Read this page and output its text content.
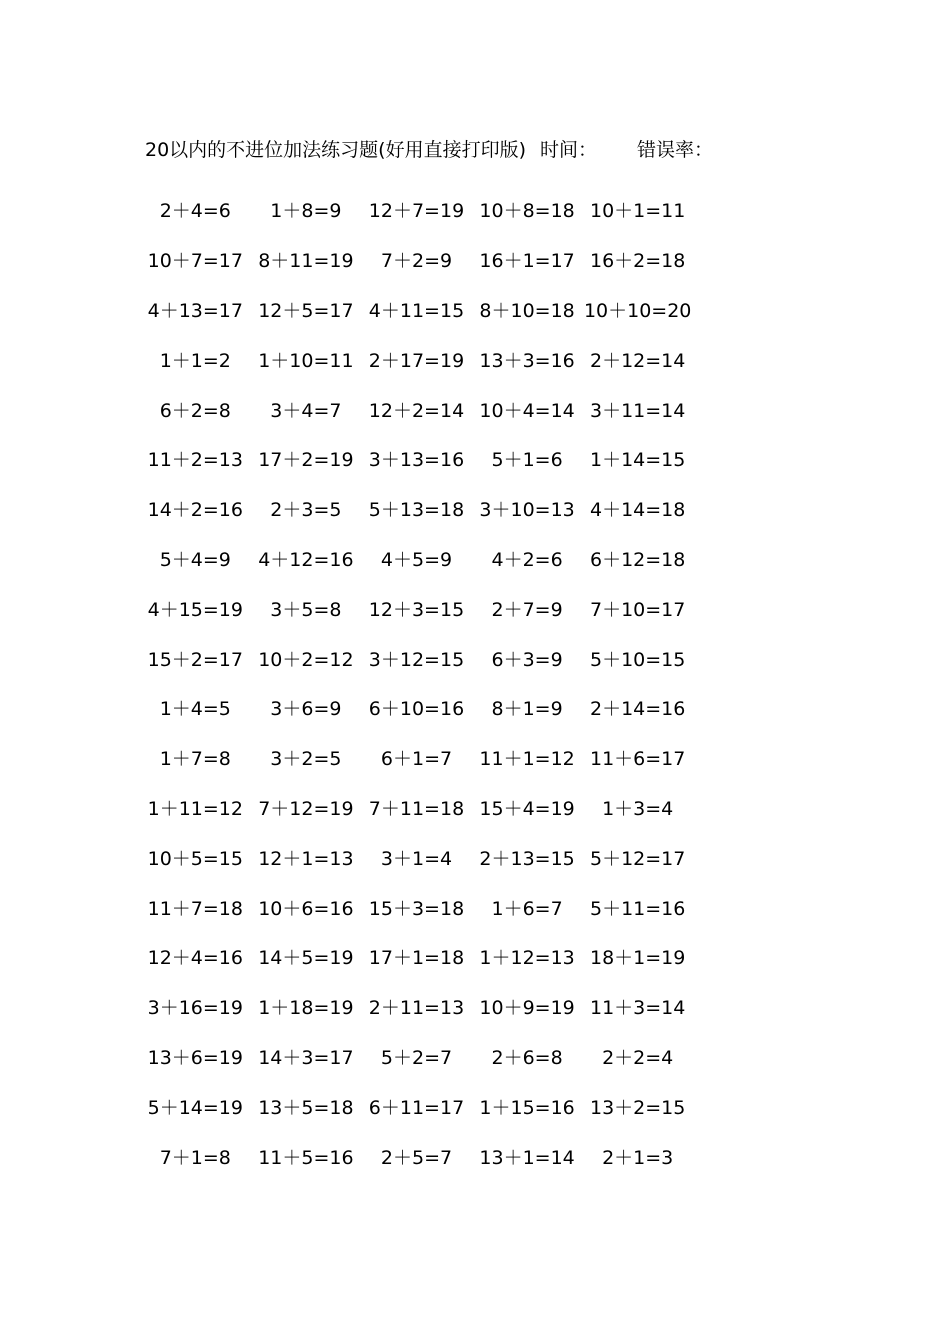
20以内的不进位加法练习题(好用直接打印版) 时间： 错误率：
2＋4=6	1＋8=9	12＋7=19 10＋8=18 10＋1=11
10＋7=17 8＋11=19	7＋2=9	16＋1=17 16＋2=18
4＋13=17 12＋5=17 4＋11=15 8＋10=18 10＋10=20
1＋1=2	1＋10=11 2＋17=19 13＋3=16 2＋12=14
6＋2=8	3＋4=7	12＋2=14 10＋4=14 3＋11=14
11＋2=13 17＋2=19 3＋13=16	5＋1=6	1＋14=15
14＋2=16	2＋3=5	5＋13=18 3＋10=13 4＋14=18
5＋4=9	4＋12=16	4＋5=9	4＋2=6	6＋12=18
4＋15=19	3＋5=8	12＋3=15	2＋7=9	7＋10=17
15＋2=17 10＋2=12 3＋12=15	6＋3=9	5＋10=15
1＋4=5	3＋6=9	6＋10=16	8＋1=9	2＋14=16
1＋7=8	3＋2=5	6＋1=7	11＋1=12 11＋6=17
1＋11=12 7＋12=19 7＋11=18 15＋4=19	1＋3=4
10＋5=15 12＋1=13	3＋1=4	2＋13=15 5＋12=17
11＋7=18 10＋6=16 15＋3=18	1＋6=7	5＋11=16
12＋4=16 14＋5=19 17＋1=18 1＋12=13 18＋1=19
3＋16=19 1＋18=19 2＋11=13 10＋9=19 11＋3=14
13＋6=19 14＋3=17	5＋2=7	2＋6=8	2＋2=4
5＋14=19 13＋5=18 6＋11=17 1＋15=16 13＋2=15
7＋1=8	11＋5=16	2＋5=7	13＋1=14	2＋1=3
